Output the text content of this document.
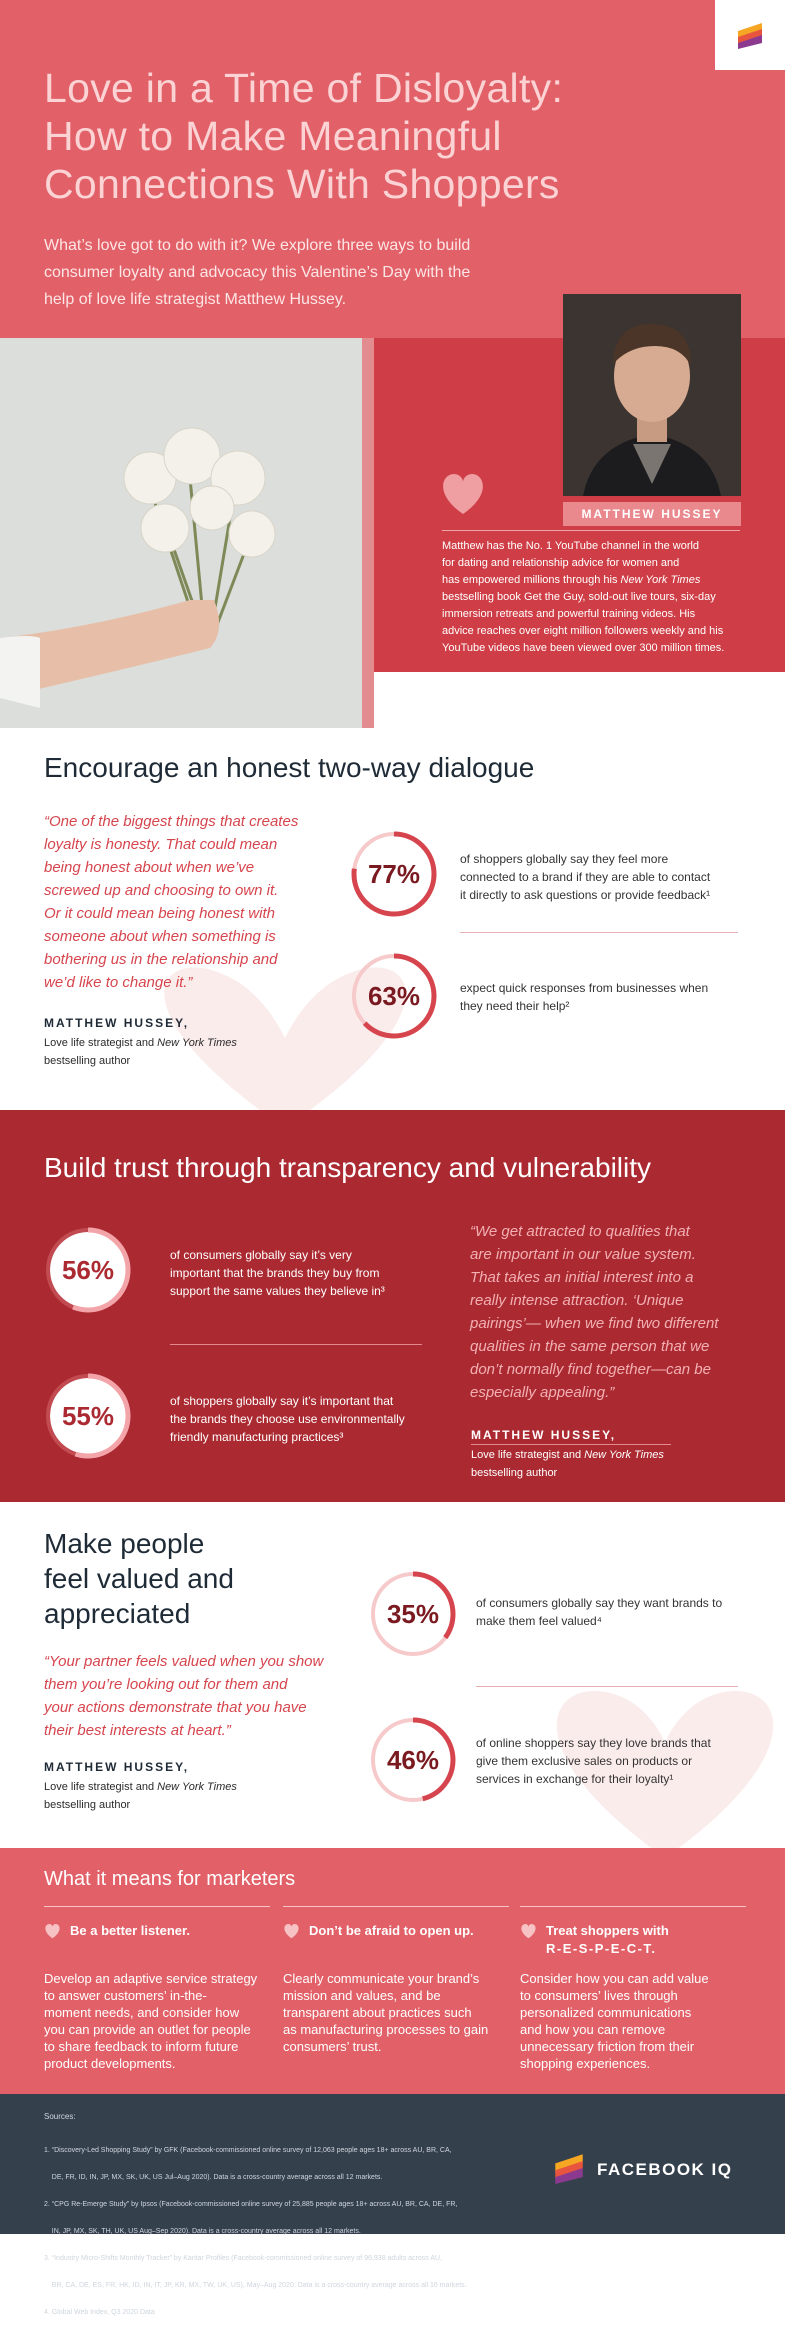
Love in a Time of Disloyalty:
How to Make Meaningful
Connections With Shoppers
What’s love got to do with it? We explore three ways to build
consumer loyalty and advocacy this Valentine’s Day with the
help of love life strategist Matthew Hussey.
MATTHEW HUSSEY
Matthew has the No. 1 YouTube channel in the world
for dating and relationship advice for women and
has empowered millions through his New York Times
bestselling book Get the Guy, sold-out live tours, six-day
immersion retreats and powerful training videos. His
advice reaches over eight million followers weekly and his
YouTube videos have been viewed over 300 million times.
Encourage an honest two-way dialogue
“One of the biggest things that creates
loyalty is honesty. That could mean
being honest about when we’ve
screwed up and choosing to own it.
Or it could mean being honest with
someone about when something is
bothering us in the relationship and
we’d like to change it.”
MATTHEW HUSSEY,
Love life strategist and New York Times
bestselling author
77%	of shoppers globally say they feel more
connected to a brand if they are able to contact
it directly to ask questions or provide feedback¹
63%	expect quick responses from businesses when
they need their help²
Build trust through transparency and vulnerability
56%	of consumers globally say it’s very
important that the brands they buy from
support the same values they believe in³
55%	of shoppers globally say it’s important that
the brands they choose use environmentally
friendly manufacturing practices³
“We get attracted to qualities that
are important in our value system.
That takes an initial interest into a
really intense attraction. ‘Unique
pairings’— when we find two different
qualities in the same person that we
don’t normally find together—can be
especially appealing.”
MATTHEW HUSSEY,
Love life strategist and New York Times
bestselling author
Make people
feel valued and
appreciated
“Your partner feels valued when you show
them you’re looking out for them and
your actions demonstrate that you have
their best interests at heart.”
MATTHEW HUSSEY,
Love life strategist and New York Times
bestselling author
35%	of consumers globally say they want brands to
make them feel valued⁴
46%
of online shoppers say they love brands that
give them exclusive sales on products or
services in exchange for their loyalty¹
What it means for marketers
Be a better listener.
Develop an adaptive service strategy
to answer customers’ in-the-
moment needs, and consider how
you can provide an outlet for people
to share feedback to inform future
product developments.
Don’t be afraid to open up.
Clearly communicate your brand’s
mission and values, and be
transparent about practices such
as manufacturing processes to gain
consumers’ trust.
Treat shoppers with
R-E-S-P-E-C-T.
Consider how you can add value
to consumers’ lives through
personalized communications
and how you can remove
unnecessary friction from their
shopping experiences.
Sources:

1. “Discovery-Led Shopping Study” by GFK (Facebook-commissioned online survey of 12,063 people ages 18+ across AU, BR, CA,

DE, FR, ID, IN, JP, MX, SK, UK, US Jul–Aug 2020). Data is a cross-country average across all 12 markets.

2. “CPG Re-Emerge Study” by Ipsos (Facebook-commissioned online survey of 25,885 people ages 18+ across AU, BR, CA, DE, FR,

IN, JP, MX, SK, TH, UK, US Aug–Sep 2020). Data is a cross-country average across all 12 markets.

3. “Industry Micro-Shifts Monthly Tracker” by Kantar Profiles (Facebook-commissioned online survey of 96,938 adults across AU,

BR, CA, DE, ES, FR, HK, ID, IN, IT, JP, KR, MX, TW, UK, US), May–Aug 2020. Data is a cross-country average across all 16 markets.

4. Global Web Index, Q3 2020 Data

FACEBOOK IQ
